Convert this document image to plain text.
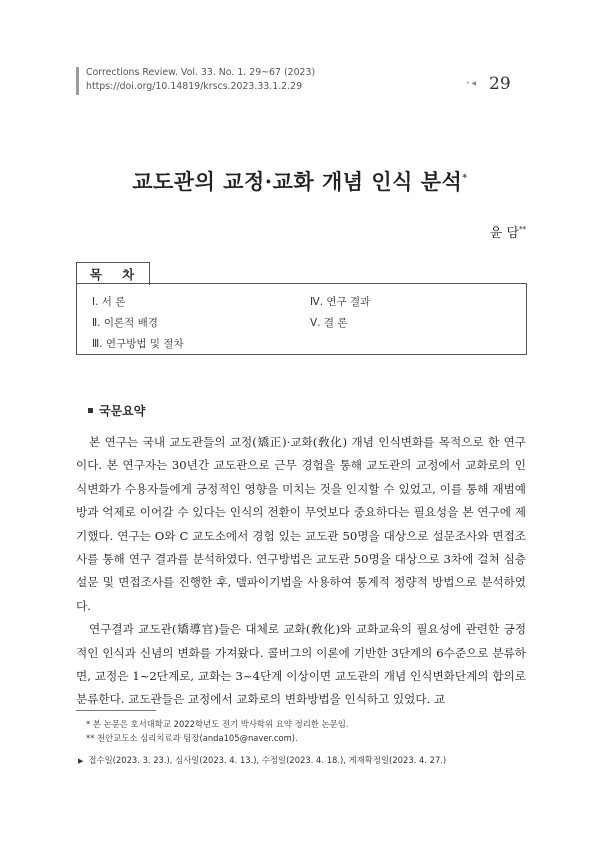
Corrections Review. Vol. 33. No. 1. 29~67 (2023)
https://doi.org/10.14819/krscs.2023.33.1.2.29	• ◀ 29
교도관의 교정·교화 개념 인식 분석*
윤 담**
목 차
Ⅰ. 서 론
Ⅱ. 이론적 배경
Ⅲ. 연구방법 및 절차
Ⅳ. 연구 결과
Ⅴ. 결 론
국문요약

본 연구는 국내 교도관들의 교정(矯正)·교화(敎化) 개념 인식변화를 목적으로 한 연구이다. 본 연구자는 30년간 교도관으로 근무 경험을 통해 교도관의 교정에서 교화로의 인식변화가 수용자들에게 긍정적인 영향을 미치는 것을 인지할 수 있었고, 이를 통해 재범예방과 억제로 이어갈 수 있다는 인식의 전환이 무엇보다 중요하다는 필요성을 본 연구에 제기했다. 연구는 O와 C 교도소에서 경험 있는 교도관 50명을 대상으로 설문조사와 면접조사를 통해 연구 결과를 분석하였다. 연구방법은 교도관 50명을 대상으로 3차에 걸쳐 심층 설문 및 면접조사를 진행한 후, 델파이기법을 사용하여 통계적 정량적 방법으로 분석하였다.

연구결과 교도관(矯導官)들은 대체로 교화(敎化)와 교화교육의 필요성에 관련한 긍정적인 인식과 신념의 변화를 가져왔다. 콜버그의 이론에 기반한 3단계의 6수준으로 분류하면, 교정은 1~2단계로, 교화는 3~4단계 이상이면 교도관의 개념 인식변화단계의 합의로 분류한다. 교도관들은 교정에서 교화로의 변화방법을 인식하고 있었다. 교

* 본 논문은 호서대학교 2022학년도 전기 박사학위 요약 정리한 논문임.
** 천안교도소 심리치료과 팀장(anda105@naver.com).
▶ 접수일(2023. 3. 23.), 심사일(2023. 4. 13.), 수정일(2023. 4. 18.), 게재확정일(2023. 4. 27.)
